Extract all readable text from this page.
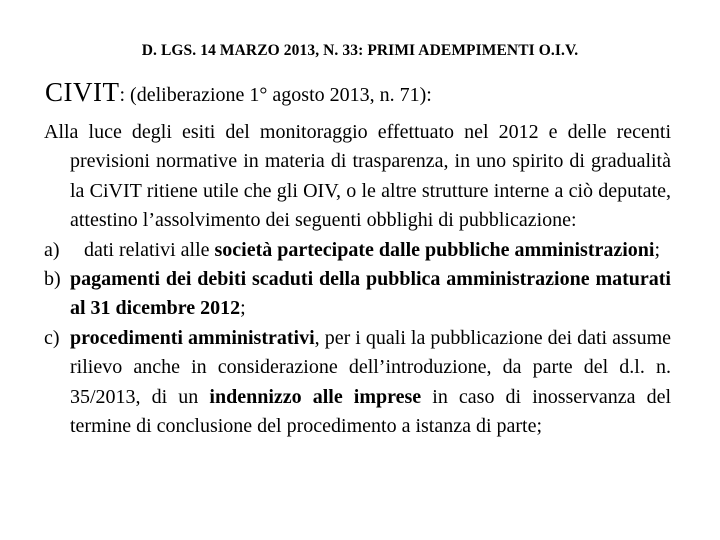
D. LGS. 14 MARZO 2013, N. 33: PRIMI ADEMPIMENTI O.I.V.
CIVIT: (deliberazione 1° agosto 2013, n. 71):

Alla luce degli esiti del monitoraggio effettuato nel 2012 e delle recenti previsioni normative in materia di trasparenza, in uno spirito di gradualità la CiVIT ritiene utile che gli OIV, o le altre strutture interne a ciò deputate, attestino l’assolvimento dei seguenti obblighi di pubblicazione:

a)	dati relativi alle società partecipate dalle pubbliche amministrazioni;

b) pagamenti dei debiti scaduti della pubblica amministrazione maturati al 31 dicembre 2012;

c) procedimenti amministrativi, per i quali la pubblicazione dei dati assume rilievo anche in considerazione dell’introduzione, da parte del d.l. n. 35/2013, di un indennizzo alle imprese in caso di inosservanza del termine di conclusione del procedimento a istanza di parte;
